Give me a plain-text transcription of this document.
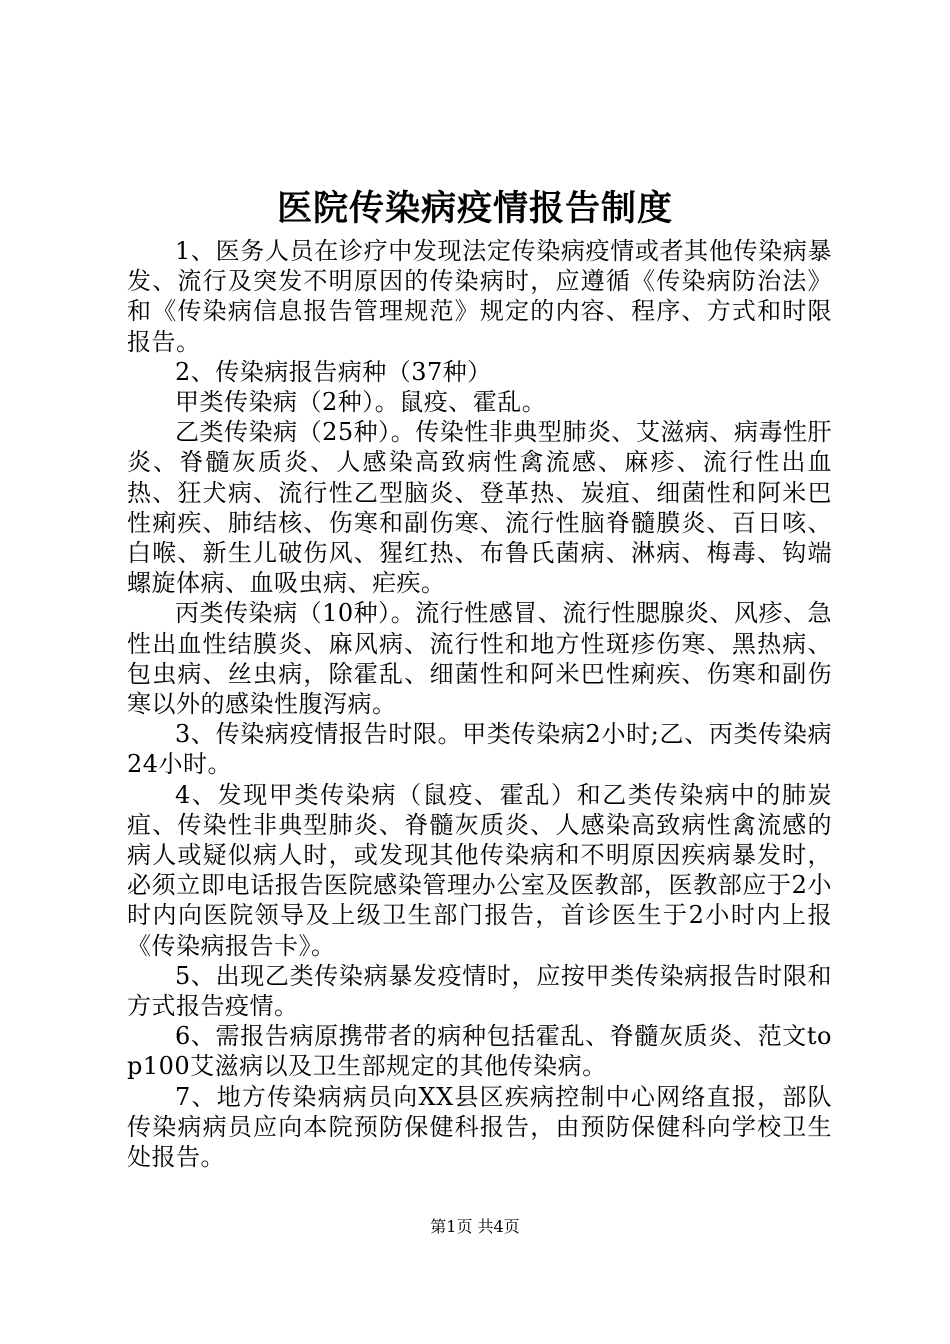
医院传染病疫情报告制度

1、医务人员在诊疗中发现法定传染病疫情或者其他传染病暴发、流行及突发不明原因的传染病时，应遵循《传染病防治法》和《传染病信息报告管理规范》规定的内容、程序、方式和时限报告。

2、传染病报告病种（37种）

甲类传染病（2种）。鼠疫、霍乱。

乙类传染病（25种）。传染性非典型肺炎、艾滋病、病毒性肝炎、脊髓灰质炎、人感染高致病性禽流感、麻疹、流行性出血热、狂犬病、流行性乙型脑炎、登革热、炭疽、细菌性和阿米巴性痢疾、肺结核、伤寒和副伤寒、流行性脑脊髓膜炎、百日咳、白喉、新生儿破伤风、猩红热、布鲁氏菌病、淋病、梅毒、钩端螺旋体病、血吸虫病、疟疾。

丙类传染病（10种）。流行性感冒、流行性腮腺炎、风疹、急性出血性结膜炎、麻风病、流行性和地方性斑疹伤寒、黑热病、包虫病、丝虫病，除霍乱、细菌性和阿米巴性痢疾、伤寒和副伤寒以外的感染性腹泻病。

3、传染病疫情报告时限。甲类传染病2小时;乙、丙类传染病24小时。

4、发现甲类传染病（鼠疫、霍乱）和乙类传染病中的肺炭疽、传染性非典型肺炎、脊髓灰质炎、人感染高致病性禽流感的病人或疑似病人时，或发现其他传染病和不明原因疾病暴发时，必须立即电话报告医院感染管理办公室及医教部，医教部应于2小时内向医院领导及上级卫生部门报告，首诊医生于2小时内上报《传染病报告卡》。

5、出现乙类传染病暴发疫情时，应按甲类传染病报告时限和方式报告疫情。

6、需报告病原携带者的病种包括霍乱、脊髓灰质炎、范文top100艾滋病以及卫生部规定的其他传染病。

7、地方传染病病员向XX县区疾病控制中心网络直报，部队传染病病员应向本院预防保健科报告，由预防保健科向学校卫生处报告。

第1页 共4页
